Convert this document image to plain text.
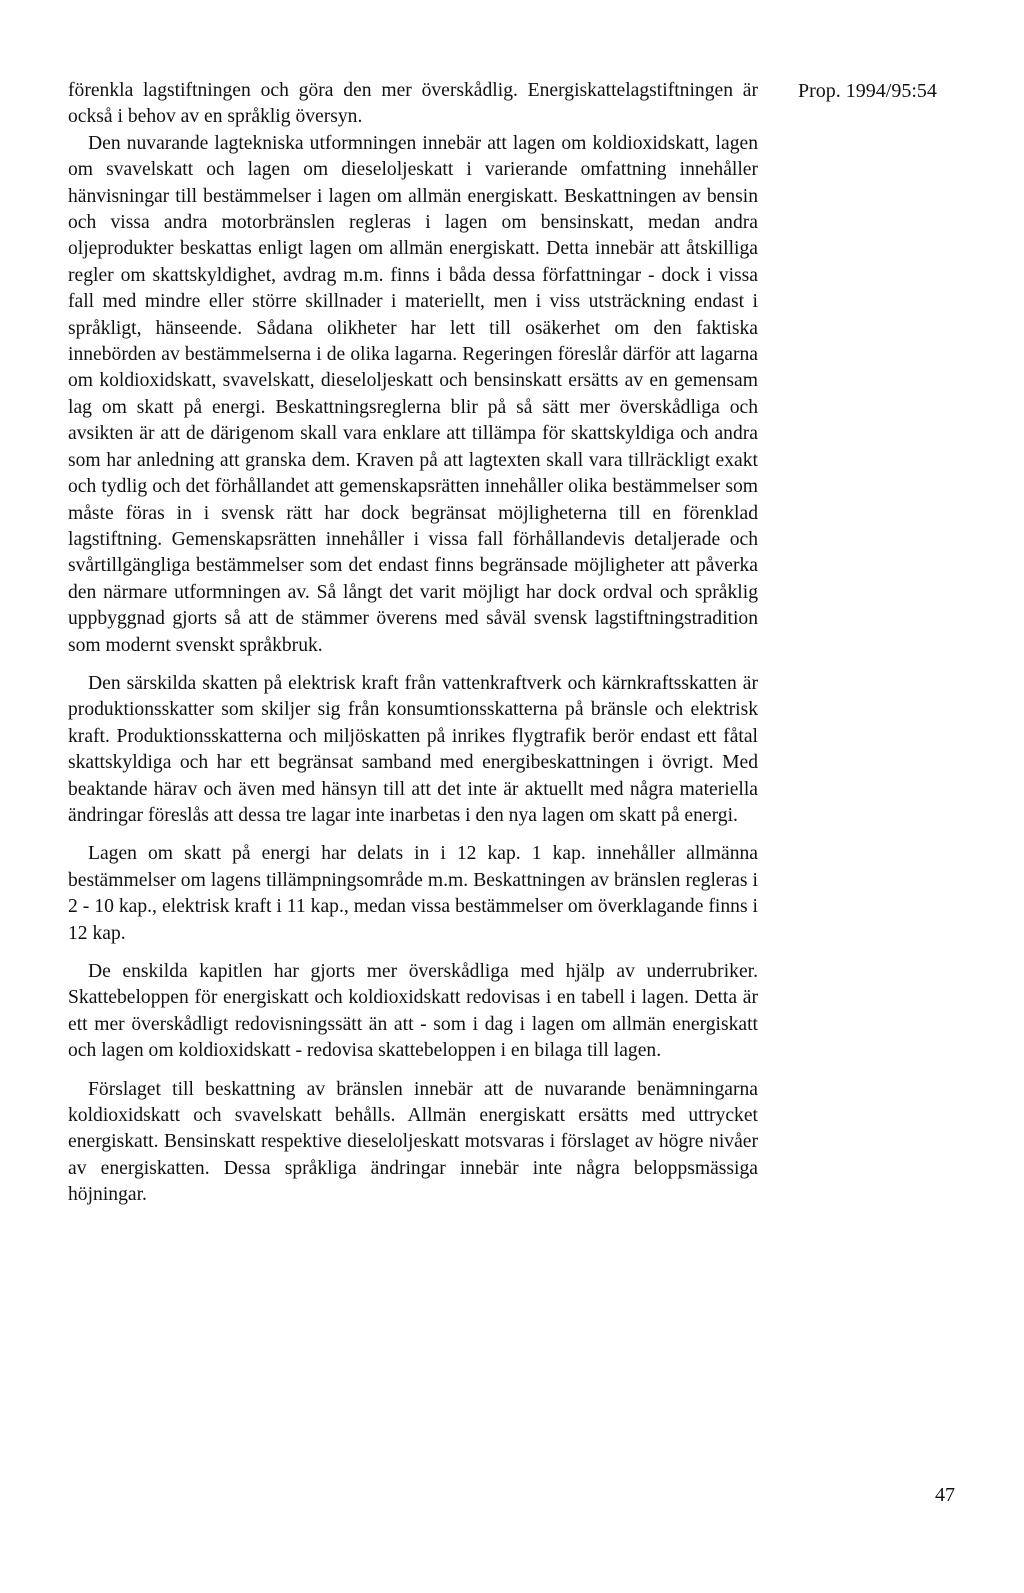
Prop. 1994/95:54

förenkla lagstiftningen och göra den mer överskådlig. Energiskattelagstiftningen är också i behov av en språklig översyn.

Den nuvarande lagtekniska utformningen innebär att lagen om koldioxidskatt, lagen om svavelskatt och lagen om dieseloljeskatt i varierande omfattning innehåller hänvisningar till bestämmelser i lagen om allmän energiskatt. Beskattningen av bensin och vissa andra motorbränslen regleras i lagen om bensinskatt, medan andra oljeprodukter beskattas enligt lagen om allmän energiskatt. Detta innebär att åtskilliga regler om skattskyldighet, avdrag m.m. finns i båda dessa författningar - dock i vissa fall med mindre eller större skillnader i materiellt, men i viss utsträckning endast i språkligt, hänseende. Sådana olikheter har lett till osäkerhet om den faktiska innebörden av bestämmelserna i de olika lagarna. Regeringen föreslår därför att lagarna om koldioxidskatt, svavelskatt, dieseloljeskatt och bensinskatt ersätts av en gemensam lag om skatt på energi. Beskattningsreglerna blir på så sätt mer överskådliga och avsikten är att de därigenom skall vara enklare att tillämpa för skattskyldiga och andra som har anledning att granska dem. Kraven på att lagtexten skall vara tillräckligt exakt och tydlig och det förhållandet att gemenskapsrätten innehåller olika bestämmelser som måste föras in i svensk rätt har dock begränsat möjligheterna till en förenklad lagstiftning. Gemenskapsrätten innehåller i vissa fall förhållandevis detaljerade och svårtillgängliga bestämmelser som det endast finns begränsade möjligheter att påverka den närmare utformningen av. Så långt det varit möjligt har dock ordval och språklig uppbyggnad gjorts så att de stämmer överens med såväl svensk lagstiftningstradition som modernt svenskt språkbruk.

Den särskilda skatten på elektrisk kraft från vattenkraftverk och kärnkraftsskatten är produktionsskatter som skiljer sig från konsumtionsskatterna på bränsle och elektrisk kraft. Produktionsskatterna och miljöskatten på inrikes flygtrafik berör endast ett fåtal skattskyldiga och har ett begränsat samband med energibeskattningen i övrigt. Med beaktande härav och även med hänsyn till att det inte är aktuellt med några materiella ändringar föreslås att dessa tre lagar inte inarbetas i den nya lagen om skatt på energi.

Lagen om skatt på energi har delats in i 12 kap. 1 kap. innehåller allmänna bestämmelser om lagens tillämpningsområde m.m. Beskattningen av bränslen regleras i 2 - 10 kap., elektrisk kraft i 11 kap., medan vissa bestämmelser om överklagande finns i 12 kap.

De enskilda kapitlen har gjorts mer överskådliga med hjälp av underrubriker. Skattebeloppen för energiskatt och koldioxidskatt redovisas i en tabell i lagen. Detta är ett mer överskådligt redovisningssätt än att - som i dag i lagen om allmän energiskatt och lagen om koldioxidskatt - redovisa skattebeloppen i en bilaga till lagen.

Förslaget till beskattning av bränslen innebär att de nuvarande benämningarna koldioxidskatt och svavelskatt behålls. Allmän energiskatt ersätts med uttrycket energiskatt. Bensinskatt respektive dieseloljeskatt motsvaras i förslaget av högre nivåer av energiskatten. Dessa språkliga ändringar innebär inte några beloppsmässiga höjningar.

47
